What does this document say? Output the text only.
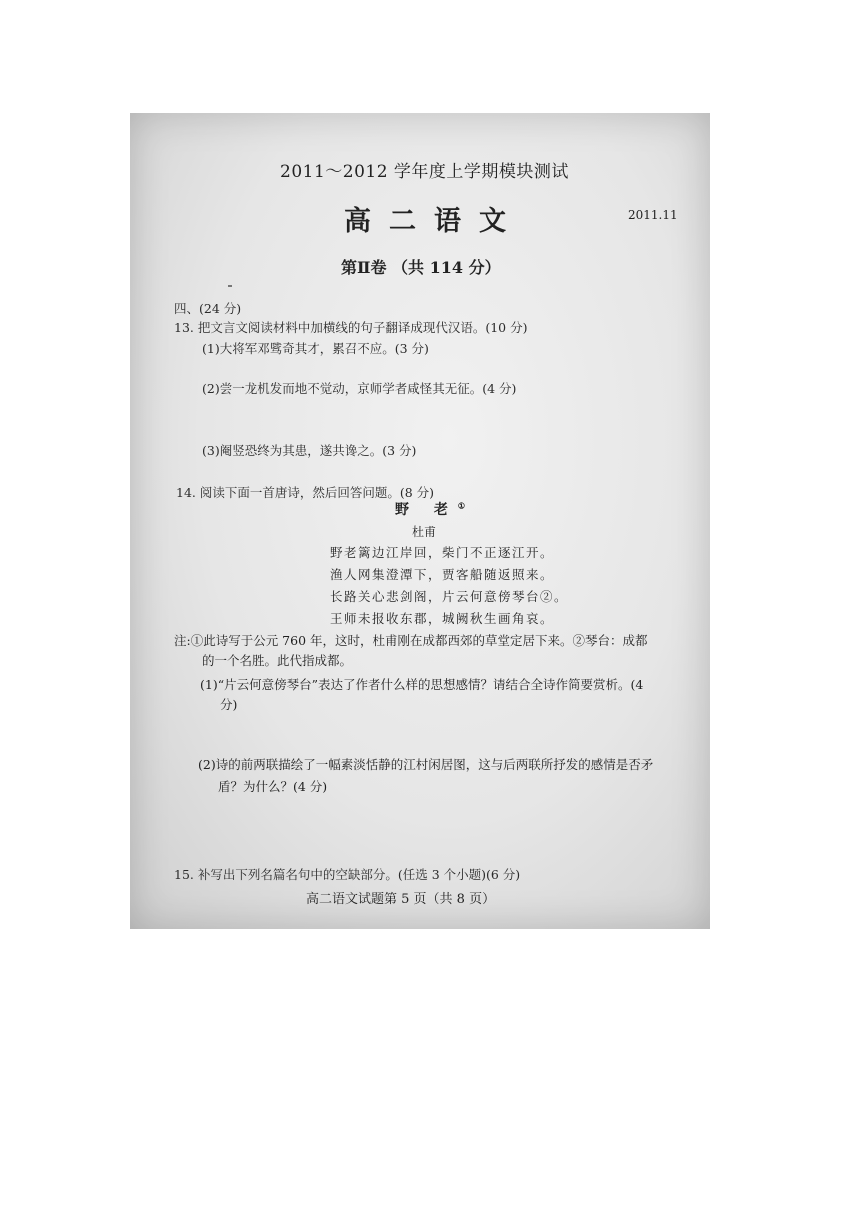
2011～2012 学年度上学期模块测试
高二语文	2011.11
第Ⅱ卷 （共 114 分）
四、(24 分)
13. 把文言文阅读材料中加横线的句子翻译成现代汉语。(10 分)
(1)大将军邓骘奇其才，累召不应。(3 分)
(2)尝一龙机发而地不觉动，京师学者咸怪其无征。(4 分)
(3)阉竖恐终为其患，遂共谗之。(3 分)
14. 阅读下面一首唐诗，然后回答问题。(8 分)
野 老①
杜甫
野老篱边江岸回，柴门不正逐江开。
渔人网集澄潭下，贾客船随返照来。
长路关心悲剑阁，片云何意傍琴台②。
王师未报收东郡，城阙秋生画角哀。
注:①此诗写于公元 760 年，这时，杜甫刚在成都西郊的草堂定居下来。②琴台：成都
的一个名胜。此代指成都。
(1)“片云何意傍琴台”表达了作者什么样的思想感情？请结合全诗作简要赏析。(4
分)
(2)诗的前两联描绘了一幅素淡恬静的江村闲居图，这与后两联所抒发的感情是否矛
盾？为什么？(4 分)
15. 补写出下列名篇名句中的空缺部分。(任选 3 个小题)(6 分)
高二语文试题第 5 页（共 8 页）
